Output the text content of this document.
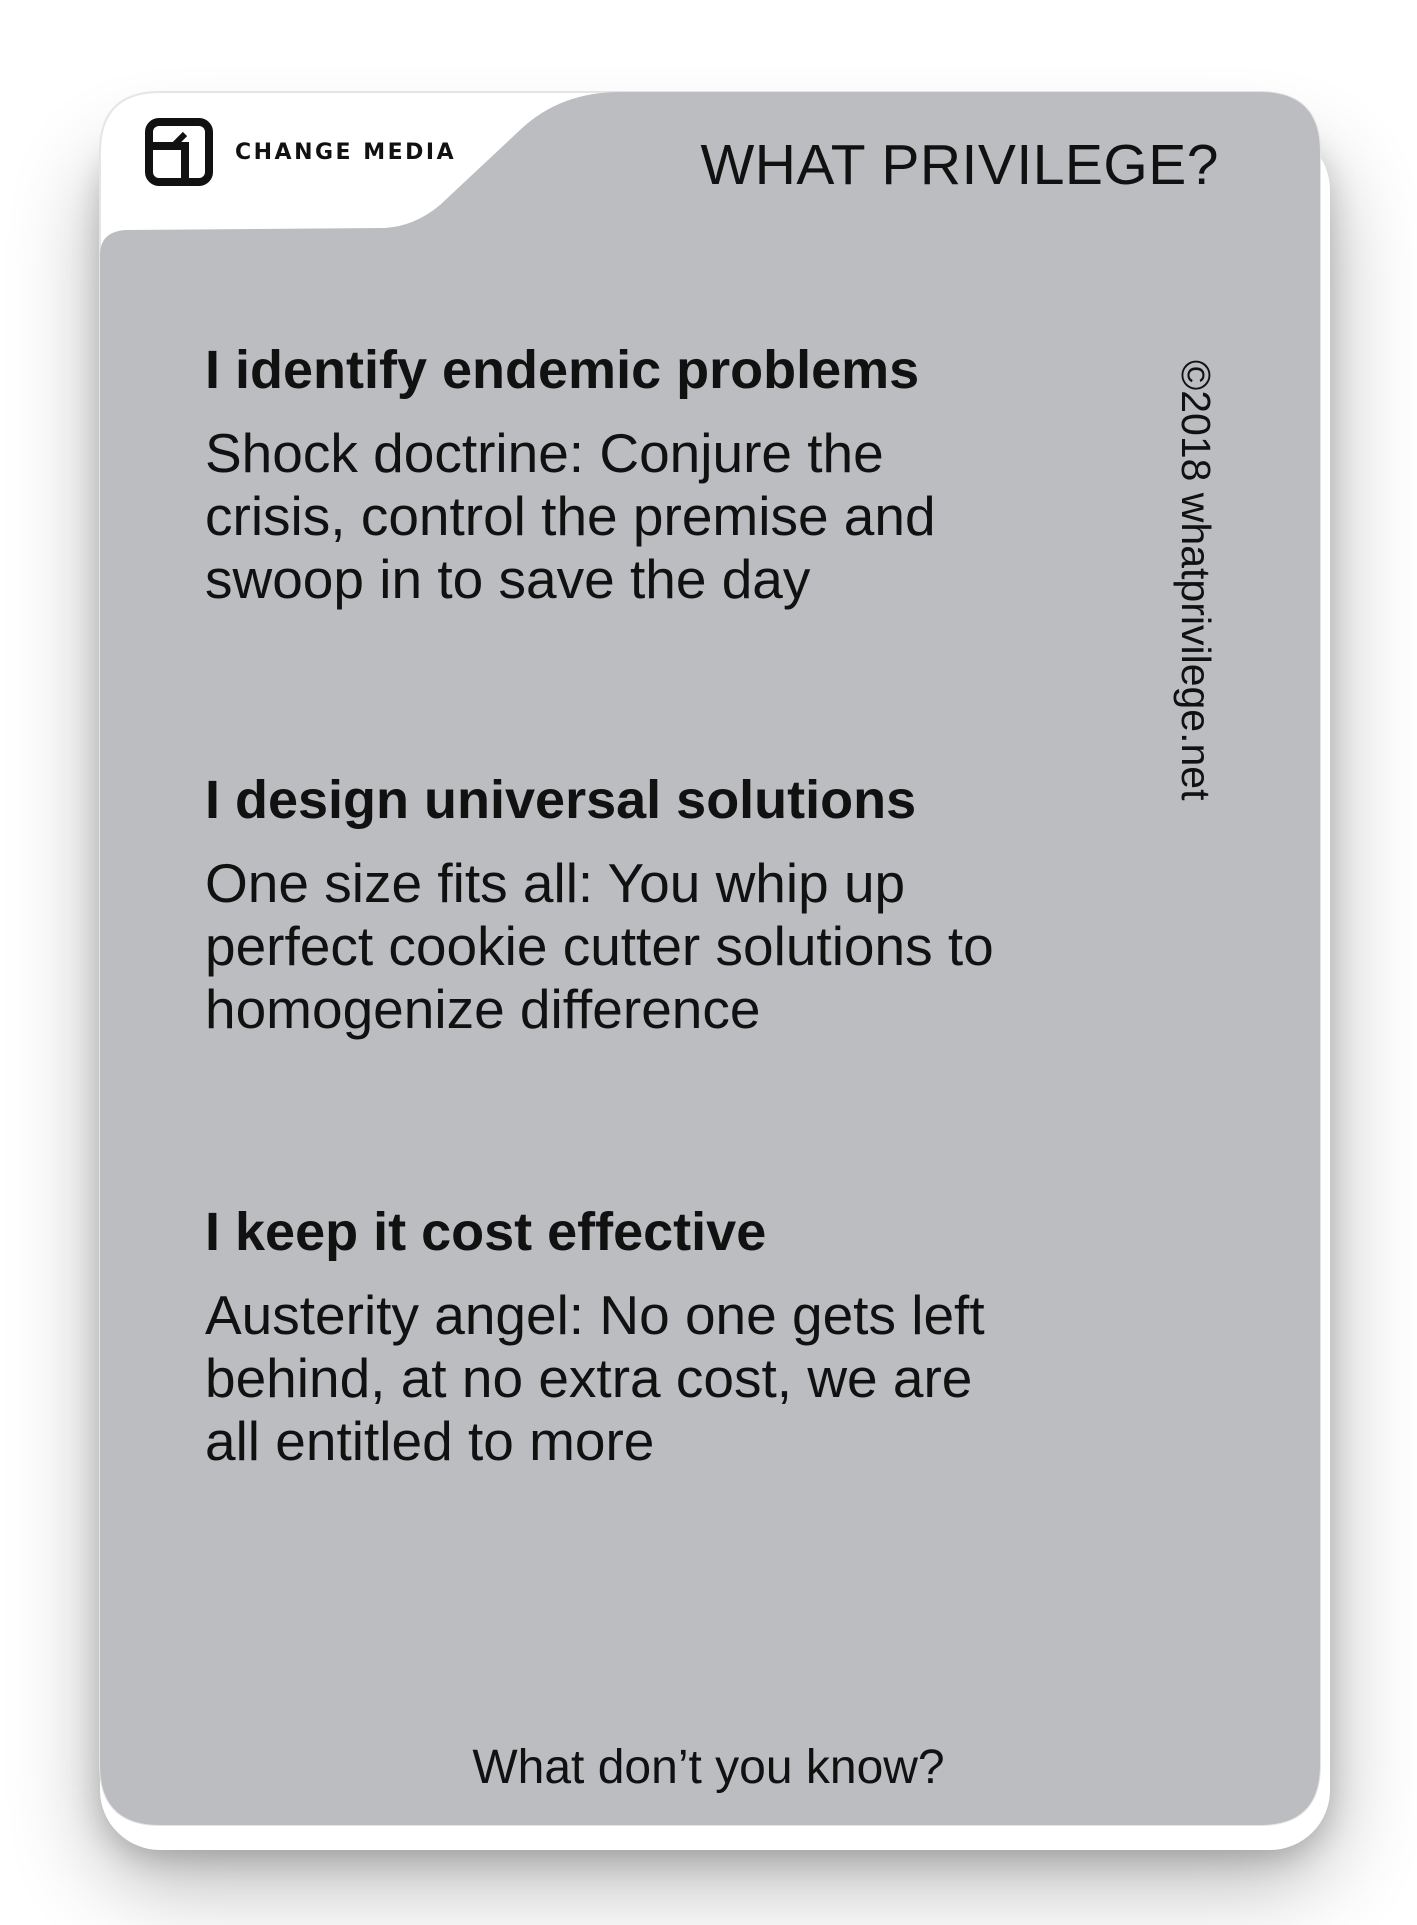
CHANGE MEDIA	WHAT PRIVILEGE?
©2018 whatprivilege.net
I identify endemic problems

Shock doctrine: Conjure the
crisis, control the premise and
swoop in to save the day

I design universal solutions

One size fits all: You whip up
perfect cookie cutter solutions to
homogenize difference

I keep it cost effective

Austerity angel: No one gets left
behind, at no extra cost, we are
all entitled to more

What don’t you know?
